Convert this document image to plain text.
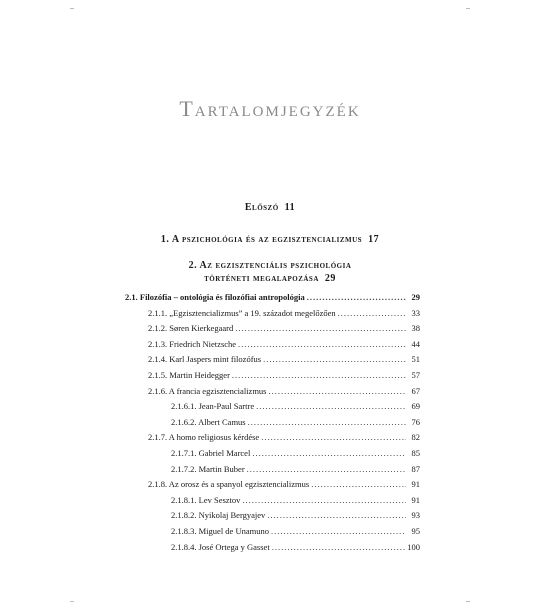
Tartalomjegyzék
Előszó 11
1. A pszichológia és az egzisztencializmus 17
2. Az egzisztenciális pszichológia
történeti megalapozása 29
2.1. Filozófia – ontológia és filozófiai antropológia .....	29
2.1.1. „Egzisztencializmus” a 19. századot megelőzően .....	33
2.1.2. Søren Kierkegaard .....	38
2.1.3. Friedrich Nietzsche .....	44
2.1.4. Karl Jaspers mint filozófus .....	51
2.1.5. Martin Heidegger .....	57
2.1.6. A francia egzisztencializmus .....	67
2.1.6.1. Jean-Paul Sartre .....	69
2.1.6.2. Albert Camus .....	76
2.1.7. A homo religiosus kérdése .....	82
2.1.7.1. Gabriel Marcel .....	85
2.1.7.2. Martin Buber .....	87
2.1.8. Az orosz és a spanyol egzisztencializmus .....	91
2.1.8.1. Lev Sesztov .....	91
2.1.8.2. Nyikolaj Bergyajev .....	93
2.1.8.3. Miguel de Unamuno .....	95
2.1.8.4. José Ortega y Gasset .....	100
